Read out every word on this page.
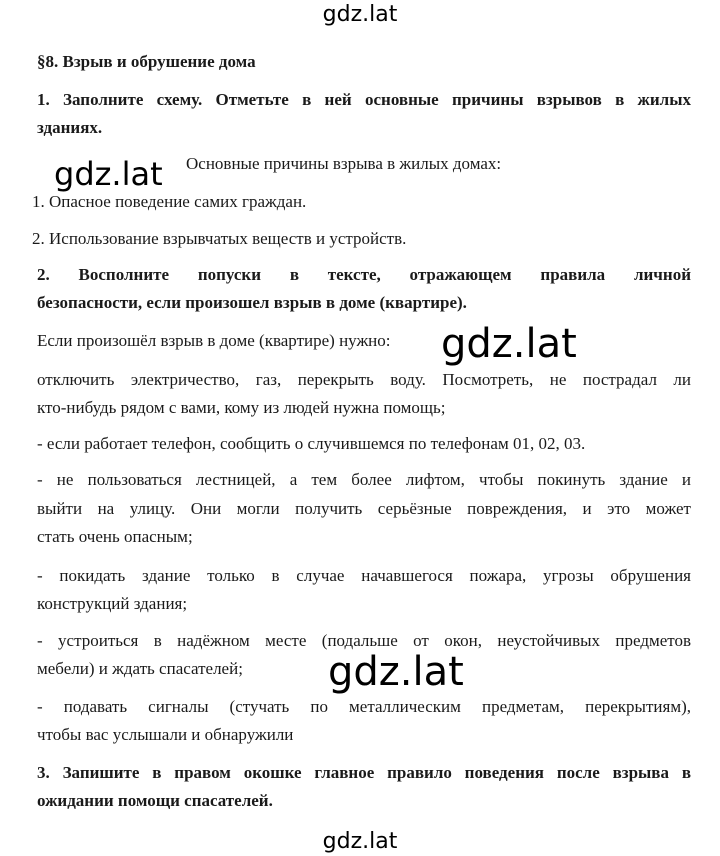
gdz.lat
§8. Взрыв и обрушение дома
1. Заполните схему. Отметьте в ней основные причины взрывов в жилых
зданиях.
Основные причины взрыва в жилых домах:
gdz.lat
1. Опасное поведение самих граждан.
2. Использование взрывчатых веществ и устройств.
2. Восполните попуски в тексте, отражающем правила личной
безопасности, если произошел взрыв в доме (квартире).
Если произошёл взрыв в доме (квартире) нужно:	gdz.lat
отключить электричество, газ, перекрыть воду. Посмотреть, не пострадал ли
кто-нибудь рядом с вами, кому из людей нужна помощь;
- если работает телефон, сообщить о случившемся по телефонам 01, 02, 03.
- не пользоваться лестницей, а тем более лифтом, чтобы покинуть здание и
выйти на улицу. Они могли получить серьёзные повреждения, и это может
стать очень опасным;
- покидать здание только в случае начавшегося пожара, угрозы обрушения
конструкций здания;
- устроиться в надёжном месте (подальше от окон, неустойчивых предметов
мебели) и ждать спасателей;	gdz.lat
- подавать сигналы (стучать по металлическим предметам, перекрытиям),
чтобы вас услышали и обнаружили
3. Запишите в правом окошке главное правило поведения после взрыва в
ожидании помощи спасателей.
gdz.lat
